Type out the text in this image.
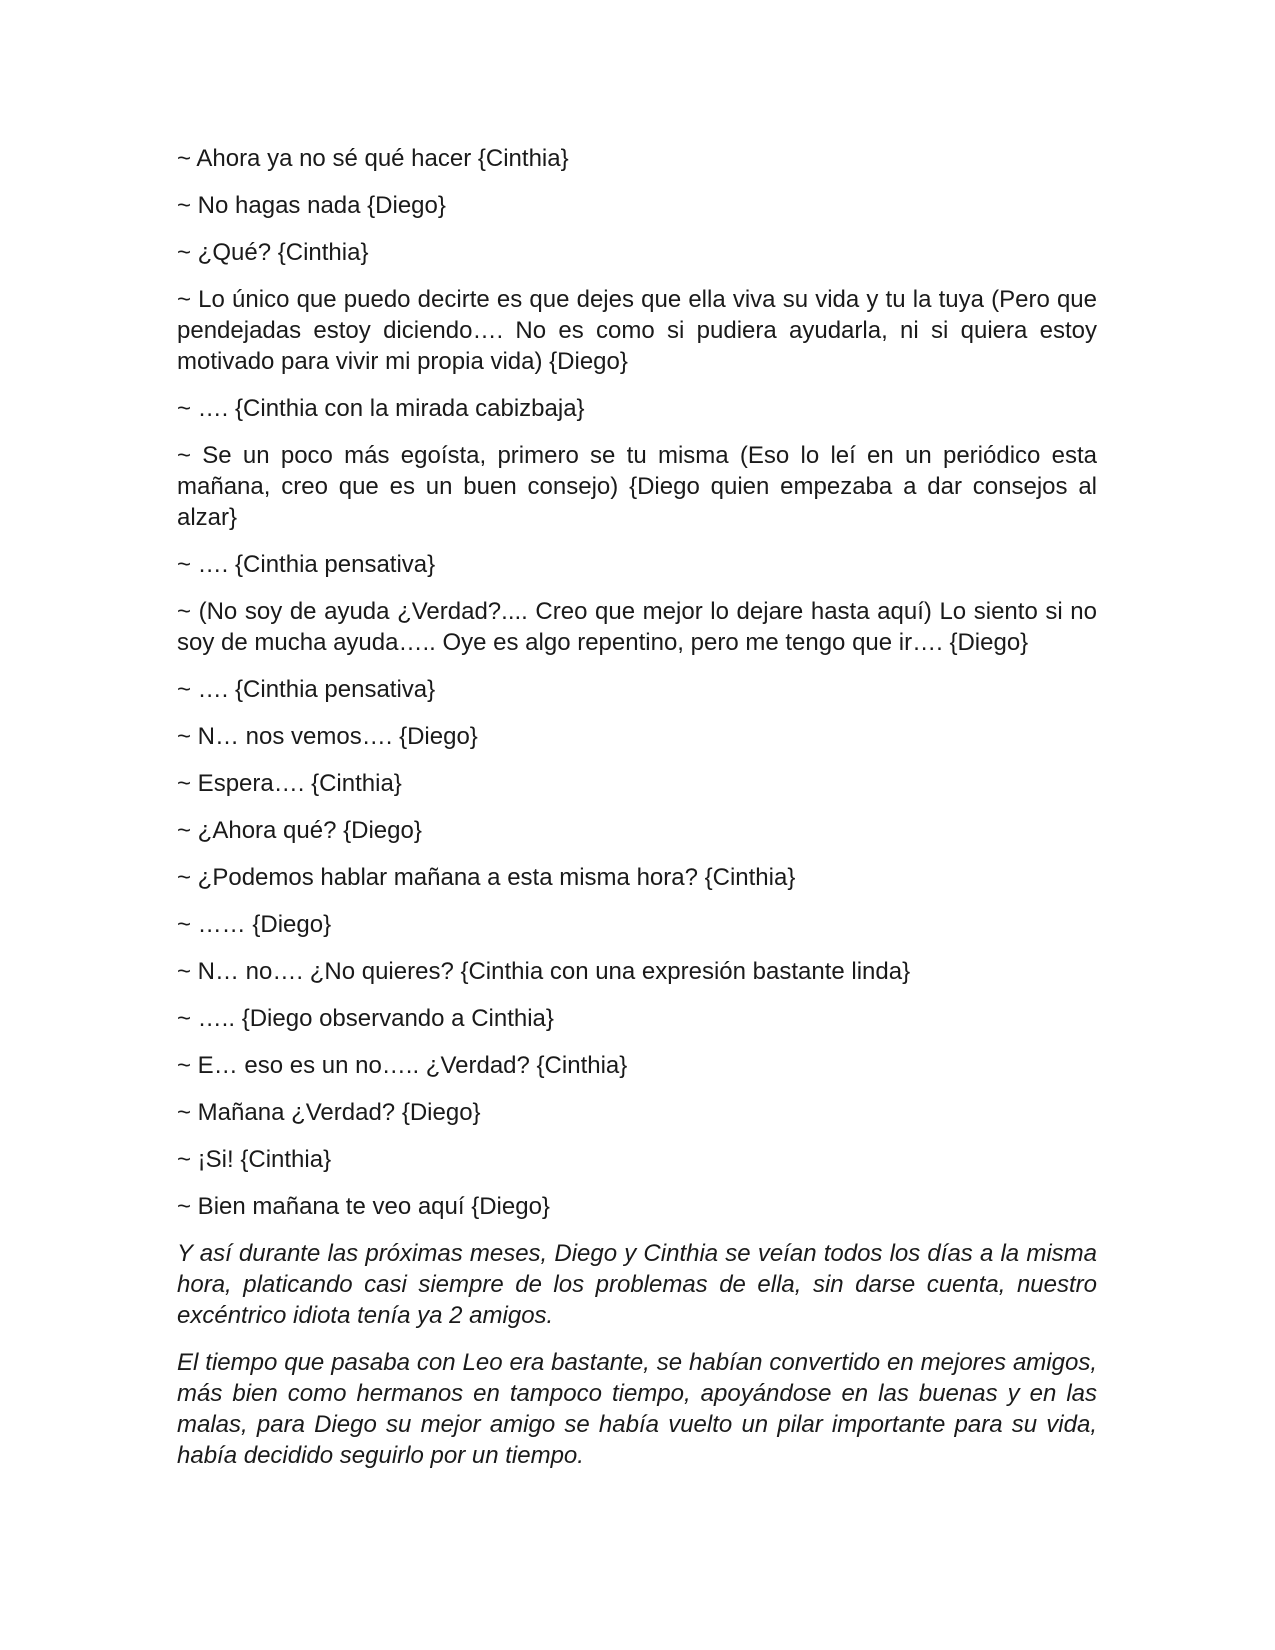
~ Ahora ya no sé qué hacer {Cinthia}

~ No hagas nada {Diego}

~ ¿Qué? {Cinthia}

~ Lo único que puedo decirte es que dejes que ella viva su vida y tu la tuya (Pero que pendejadas estoy diciendo…. No es como si pudiera ayudarla, ni si quiera estoy motivado para vivir mi propia vida) {Diego}

~ …. {Cinthia con la mirada cabizbaja}

~ Se un poco más egoísta, primero se tu misma (Eso lo leí en un periódico esta mañana, creo que es un buen consejo) {Diego quien empezaba a dar consejos al alzar}

~ …. {Cinthia pensativa}

~ (No soy de ayuda ¿Verdad?.... Creo que mejor lo dejare hasta aquí) Lo siento si no soy de mucha ayuda….. Oye es algo repentino, pero me tengo que ir…. {Diego}

~ …. {Cinthia pensativa}

~ N… nos vemos…. {Diego}

~ Espera…. {Cinthia}

~ ¿Ahora qué? {Diego}

~ ¿Podemos hablar mañana a esta misma hora? {Cinthia}

~ …… {Diego}

~ N… no…. ¿No quieres? {Cinthia con una expresión bastante linda}

~ ….. {Diego observando a Cinthia}

~ E… eso es un no….. ¿Verdad? {Cinthia}

~ Mañana ¿Verdad? {Diego}

~ ¡Si! {Cinthia}

~ Bien mañana te veo aquí {Diego}

Y así durante las próximas meses, Diego y Cinthia se veían todos los días a la misma hora, platicando casi siempre de los problemas de ella, sin darse cuenta, nuestro excéntrico idiota tenía ya 2 amigos.

El tiempo que pasaba con Leo era bastante, se habían convertido en mejores amigos, más bien como hermanos en tampoco tiempo, apoyándose en las buenas y en las malas, para Diego su mejor amigo se había vuelto un pilar importante para su vida, había decidido seguirlo por un tiempo.
